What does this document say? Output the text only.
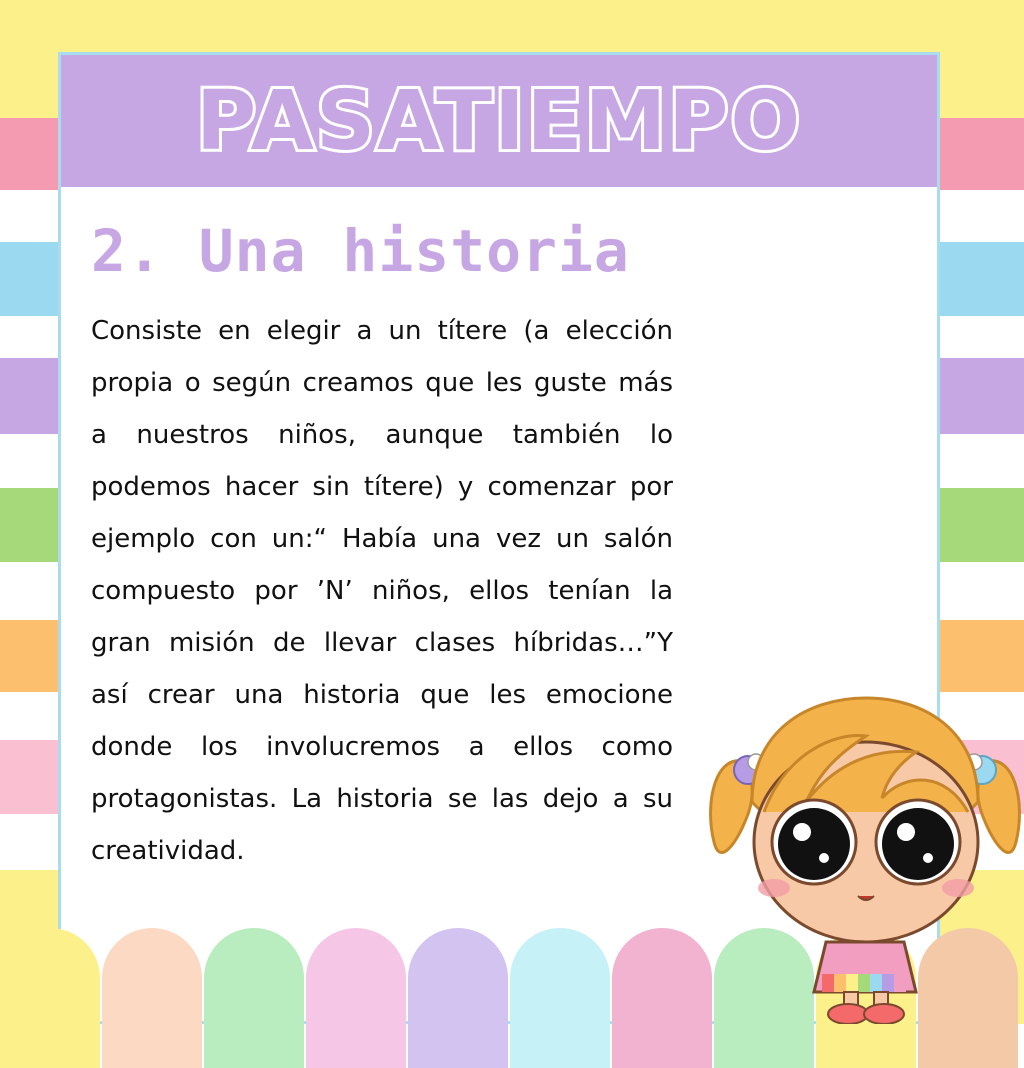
PASATIEMPO
2. Una historia

Consiste en elegir a un títere (a elección propia o según creamos que les guste más a nuestros niños, aunque también lo podemos hacer sin títere) y comenzar por ejemplo con un:“ Había una vez un salón compuesto por ’N’ niños, ellos tenían la gran misión de llevar clases híbridas…”Y así crear una historia que les emocione donde los involucremos a ellos como protagonistas. La historia se las dejo a su creatividad.
